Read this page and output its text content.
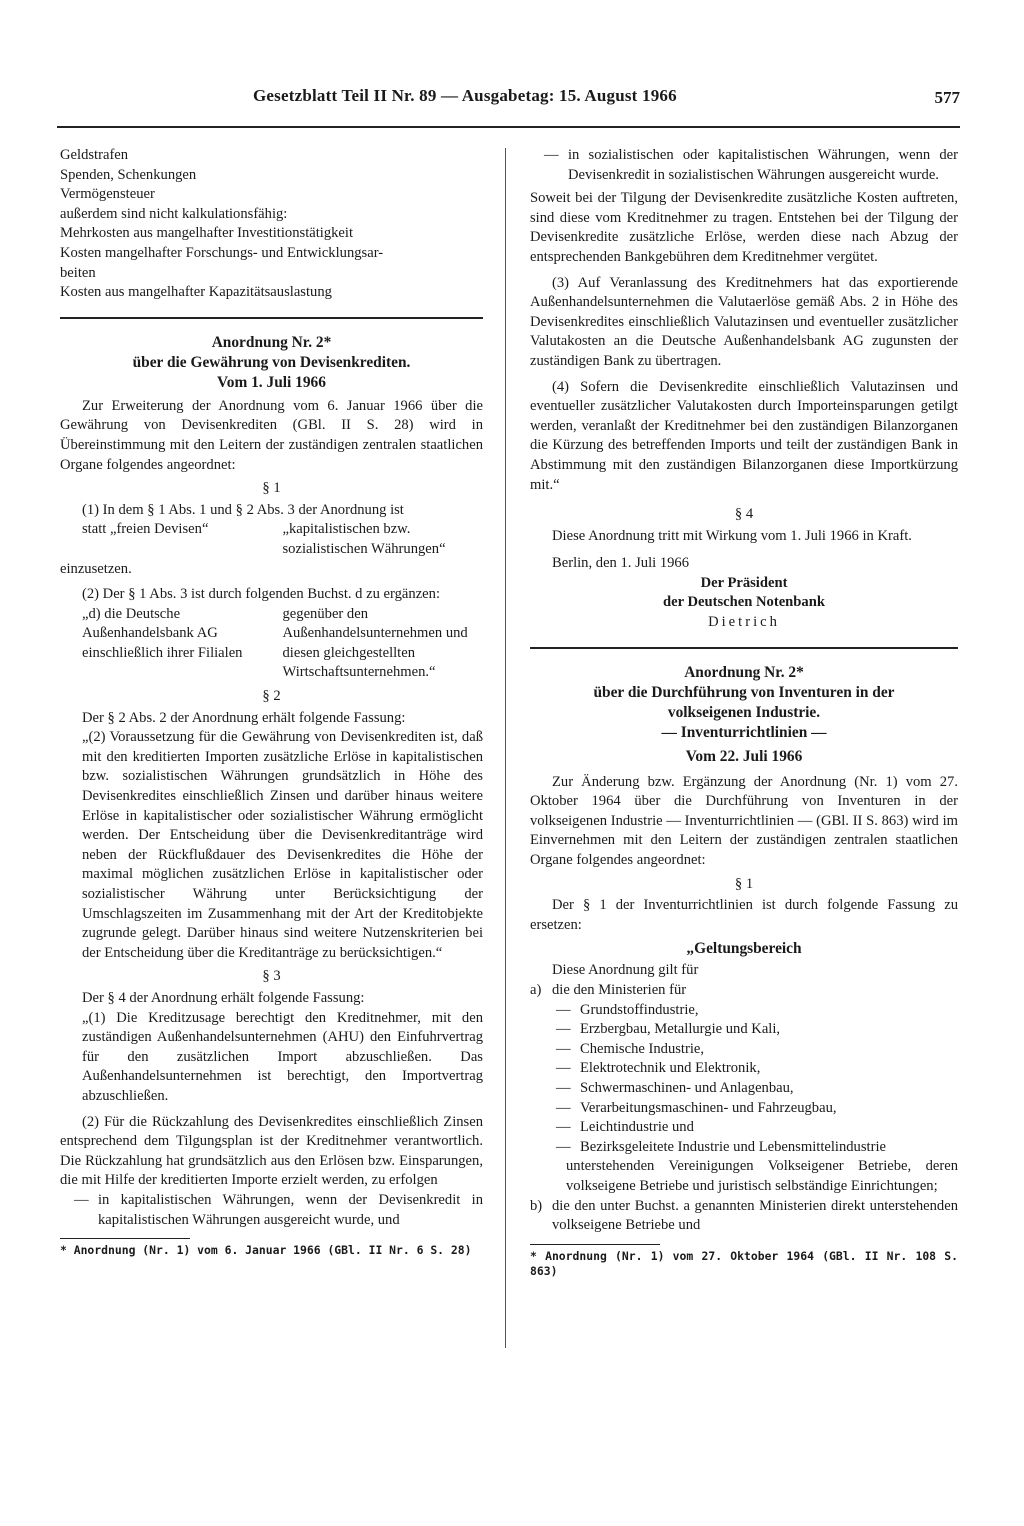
Gesetzblatt Teil II Nr. 89 — Ausgabetag: 15. August 1966	577

Geldstrafen

Spenden, Schenkungen

Vermögensteuer

außerdem sind nicht kalkulationsfähig:

Mehrkosten aus mangelhafter Investitionstätigkeit

Kosten mangelhafter Forschungs- und Entwicklungsar-

beiten

Kosten aus mangelhafter Kapazitätsauslastung

Anordnung Nr. 2*
über die Gewährung von Devisenkrediten.
Vom 1. Juli 1966

Zur Erweiterung der Anordnung vom 6. Januar 1966 über die Gewährung von Devisenkrediten (GBl. II S. 28) wird in Übereinstimmung mit den Leitern der zuständigen zentralen staatlichen Organe folgendes angeordnet:

§ 1

(1) In dem § 1 Abs. 1 und § 2 Abs. 3 der Anordnung ist

statt „freien Devisen“	„kapitalistischen bzw. sozialistischen Währungen“

einzusetzen.

(2) Der § 1 Abs. 3 ist durch folgenden Buchst. d zu ergänzen:

„d) die Deutsche Außenhandelsbank AG einschließlich ihrer Filialen
gegenüber den Außenhandelsunternehmen und diesen gleichgestellten Wirtschaftsunternehmen.“
§ 2

Der § 2 Abs. 2 der Anordnung erhält folgende Fassung:

„(2) Voraussetzung für die Gewährung von Devisenkrediten ist, daß mit den kreditierten Importen zusätzliche Erlöse in kapitalistischen bzw. sozialistischen Währungen grundsätzlich in Höhe des Devisenkredites einschließlich Zinsen und darüber hinaus weitere Erlöse in kapitalistischer oder sozialistischer Währung ermöglicht werden. Der Entscheidung über die Devisenkreditanträge wird neben der Rückflußdauer des Devisenkredites die Höhe der maximal möglichen zusätzlichen Erlöse in kapitalistischer oder sozialistischer Währung unter Berücksichtigung der Umschlagszeiten im Zusammenhang mit der Art der Kreditobjekte zugrunde gelegt. Darüber hinaus sind weitere Nutzenskriterien bei der Entscheidung über die Kreditanträge zu berücksichtigen.“

§ 3

Der § 4 der Anordnung erhält folgende Fassung:

„(1) Die Kreditzusage berechtigt den Kreditnehmer, mit den zuständigen Außenhandelsunternehmen (AHU) den Einfuhrvertrag für den zusätzlichen Import abzuschließen. Das Außenhandelsunternehmen ist berechtigt, den Importvertrag abzuschließen.

(2) Für die Rückzahlung des Devisenkredites einschließlich Zinsen entsprechend dem Tilgungsplan ist der Kreditnehmer verantwortlich. Die Rückzahlung hat grundsätzlich aus den Erlösen bzw. Einsparungen, die mit Hilfe der kreditierten Importe erzielt werden, zu erfolgen

— in kapitalistischen Währungen, wenn der Devisenkredit in kapitalistischen Währungen ausgereicht wurde, und
* Anordnung (Nr. 1) vom 6. Januar 1966 (GBl. II Nr. 6 S. 28)
— in sozialistischen oder kapitalistischen Währungen, wenn der Devisenkredit in sozialistischen Währungen ausgereicht wurde.

Soweit bei der Tilgung der Devisenkredite zusätzliche Kosten auftreten, sind diese vom Kreditnehmer zu tragen. Entstehen bei der Tilgung der Devisenkredite zusätzliche Erlöse, werden diese nach Abzug der entsprechenden Bankgebühren dem Kreditnehmer vergütet.

(3) Auf Veranlassung des Kreditnehmers hat das exportierende Außenhandelsunternehmen die Valutaerlöse gemäß Abs. 2 in Höhe des Devisenkredites einschließlich Valutazinsen und eventueller zusätzlicher Valutakosten an die Deutsche Außenhandelsbank AG zugunsten der zuständigen Bank zu übertragen.

(4) Sofern die Devisenkredite einschließlich Valutazinsen und eventueller zusätzlicher Valutakosten durch Importeinsparungen getilgt werden, veranlaßt der Kreditnehmer bei den zuständigen Bilanzorganen die Kürzung des betreffenden Imports und teilt der zuständigen Bank in Abstimmung mit den zuständigen Bilanzorganen diese Importkürzung mit.“

§ 4

Diese Anordnung tritt mit Wirkung vom 1. Juli 1966 in Kraft.

Berlin, den 1. Juli 1966

Der Präsident
der Deutschen Notenbank
Dietrich
Anordnung Nr. 2*
über die Durchführung von Inventuren in der
volkseigenen Industrie.
— Inventurrichtlinien —
Vom 22. Juli 1966

Zur Änderung bzw. Ergänzung der Anordnung (Nr. 1) vom 27. Oktober 1964 über die Durchführung von Inventuren in der volkseigenen Industrie — Inventurrichtlinien — (GBl. II S. 863) wird im Einvernehmen mit den Leitern der zuständigen zentralen staatlichen Organe folgendes angeordnet:

§ 1

Der § 1 der Inventurrichtlinien ist durch folgende Fassung zu ersetzen:

„Geltungsbereich

Diese Anordnung gilt für

a) die den Ministerien für
— Grundstoffindustrie,
— Erzbergbau, Metallurgie und Kali,
— Chemische Industrie,
— Elektrotechnik und Elektronik,
— Schwermaschinen- und Anlagenbau,
— Verarbeitungsmaschinen- und Fahrzeugbau,
— Leichtindustrie und
— Bezirksgeleitete Industrie und Lebensmittelindustrie

unterstehenden Vereinigungen Volkseigener Betriebe, deren volkseigene Betriebe und juristisch selbständige Einrichtungen;

b) die den unter Buchst. a genannten Ministerien direkt unterstehenden volkseigene Betriebe und
* Anordnung (Nr. 1) vom 27. Oktober 1964 (GBl. II Nr. 108 S. 863)
